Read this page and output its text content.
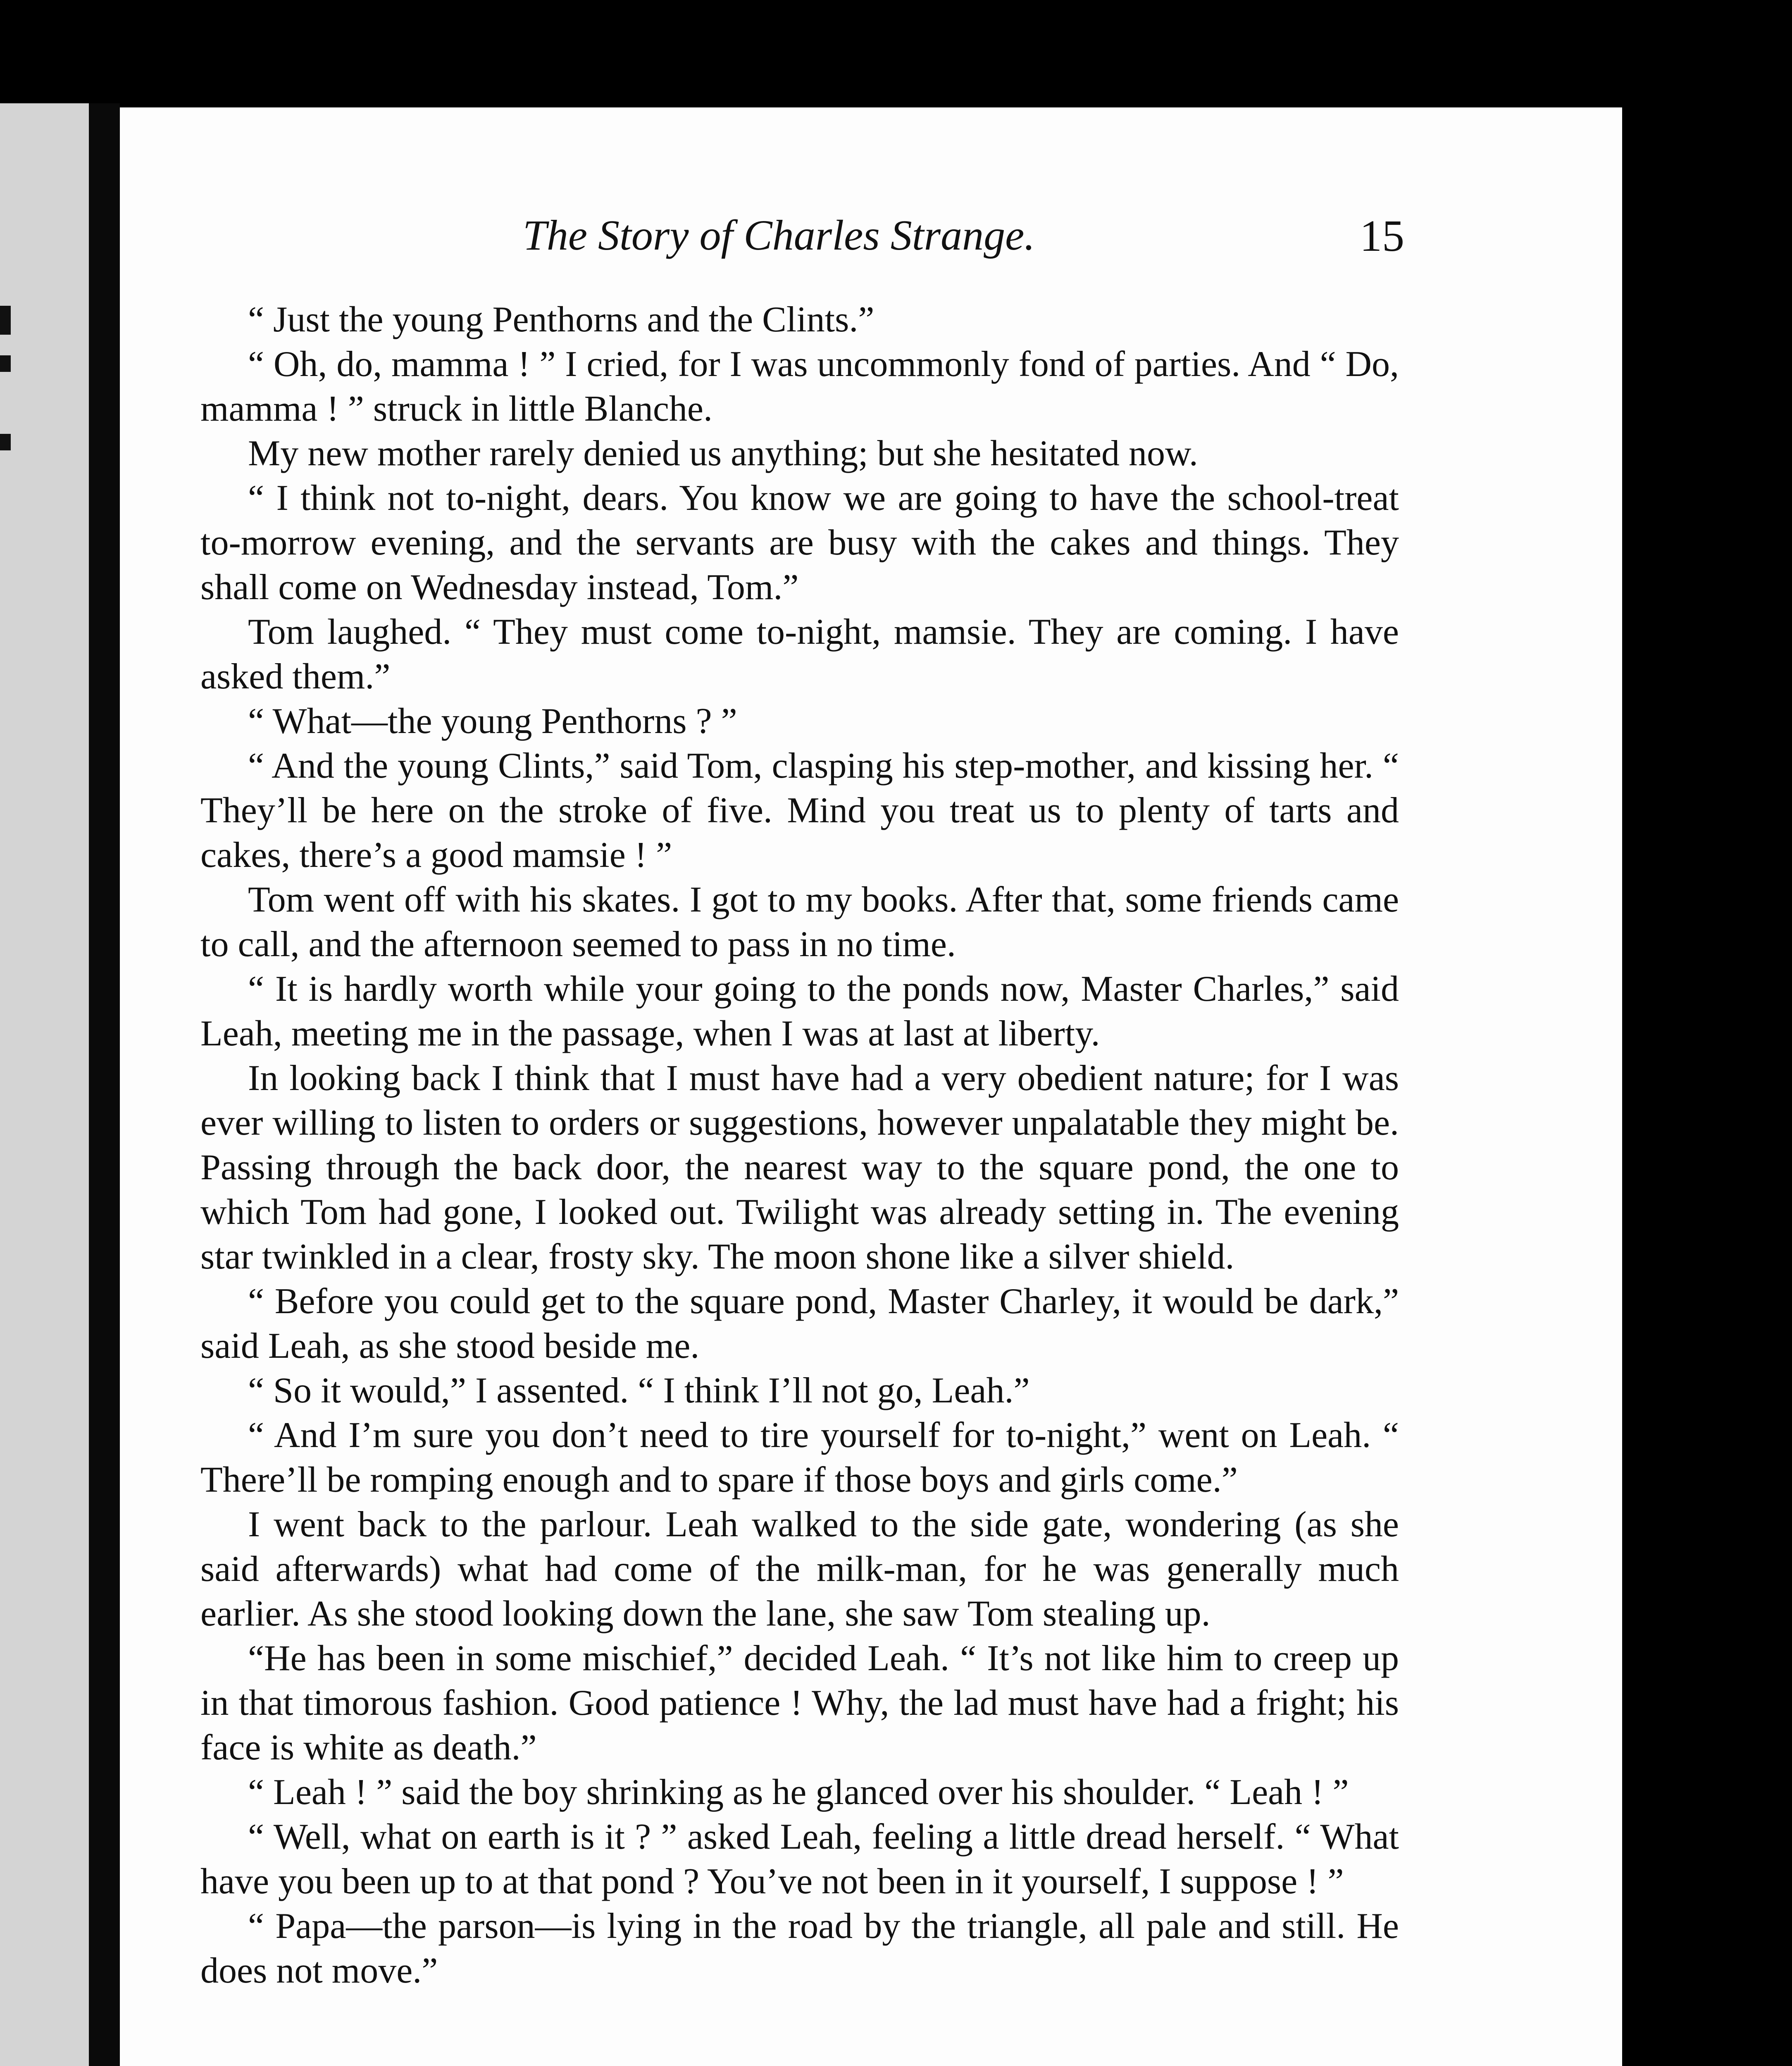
The Story of Charles Strange.	15

“ Just the young Penthorns and the Clints.”

“ Oh, do, mamma ! ” I cried, for I was uncommonly fond of parties. And “ Do, mamma ! ” struck in little Blanche.

My new mother rarely denied us anything; but she hesitated now.

“ I think not to-night, dears. You know we are going to have the school-treat to-morrow evening, and the servants are busy with the cakes and things. They shall come on Wednesday instead, Tom.”

Tom laughed. “ They must come to-night, mamsie. They are coming. I have asked them.”

“ What—the young Penthorns ? ”

“ And the young Clints,” said Tom, clasping his step-mother, and kissing her. “ They’ll be here on the stroke of five. Mind you treat us to plenty of tarts and cakes, there’s a good mamsie ! ”

Tom went off with his skates. I got to my books. After that, some friends came to call, and the afternoon seemed to pass in no time.

“ It is hardly worth while your going to the ponds now, Master Charles,” said Leah, meeting me in the passage, when I was at last at liberty.

In looking back I think that I must have had a very obedient nature; for I was ever willing to listen to orders or suggestions, however unpalatable they might be. Passing through the back door, the nearest way to the square pond, the one to which Tom had gone, I looked out. Twilight was already setting in. The evening star twinkled in a clear, frosty sky. The moon shone like a silver shield.

“ Before you could get to the square pond, Master Charley, it would be dark,” said Leah, as she stood beside me.

“ So it would,” I assented. “ I think I’ll not go, Leah.”

“ And I’m sure you don’t need to tire yourself for to-night,” went on Leah. “ There’ll be romping enough and to spare if those boys and girls come.”

I went back to the parlour. Leah walked to the side gate, wondering (as she said afterwards) what had come of the milk-man, for he was generally much earlier. As she stood looking down the lane, she saw Tom stealing up.

“He has been in some mischief,” decided Leah. “ It’s not like him to creep up in that timorous fashion. Good patience ! Why, the lad must have had a fright; his face is white as death.”

“ Leah ! ” said the boy shrinking as he glanced over his shoulder. “ Leah ! ”

“ Well, what on earth is it ? ” asked Leah, feeling a little dread herself. “ What have you been up to at that pond ? You’ve not been in it yourself, I suppose ! ”

“ Papa—the parson—is lying in the road by the triangle, all pale and still. He does not move.”
